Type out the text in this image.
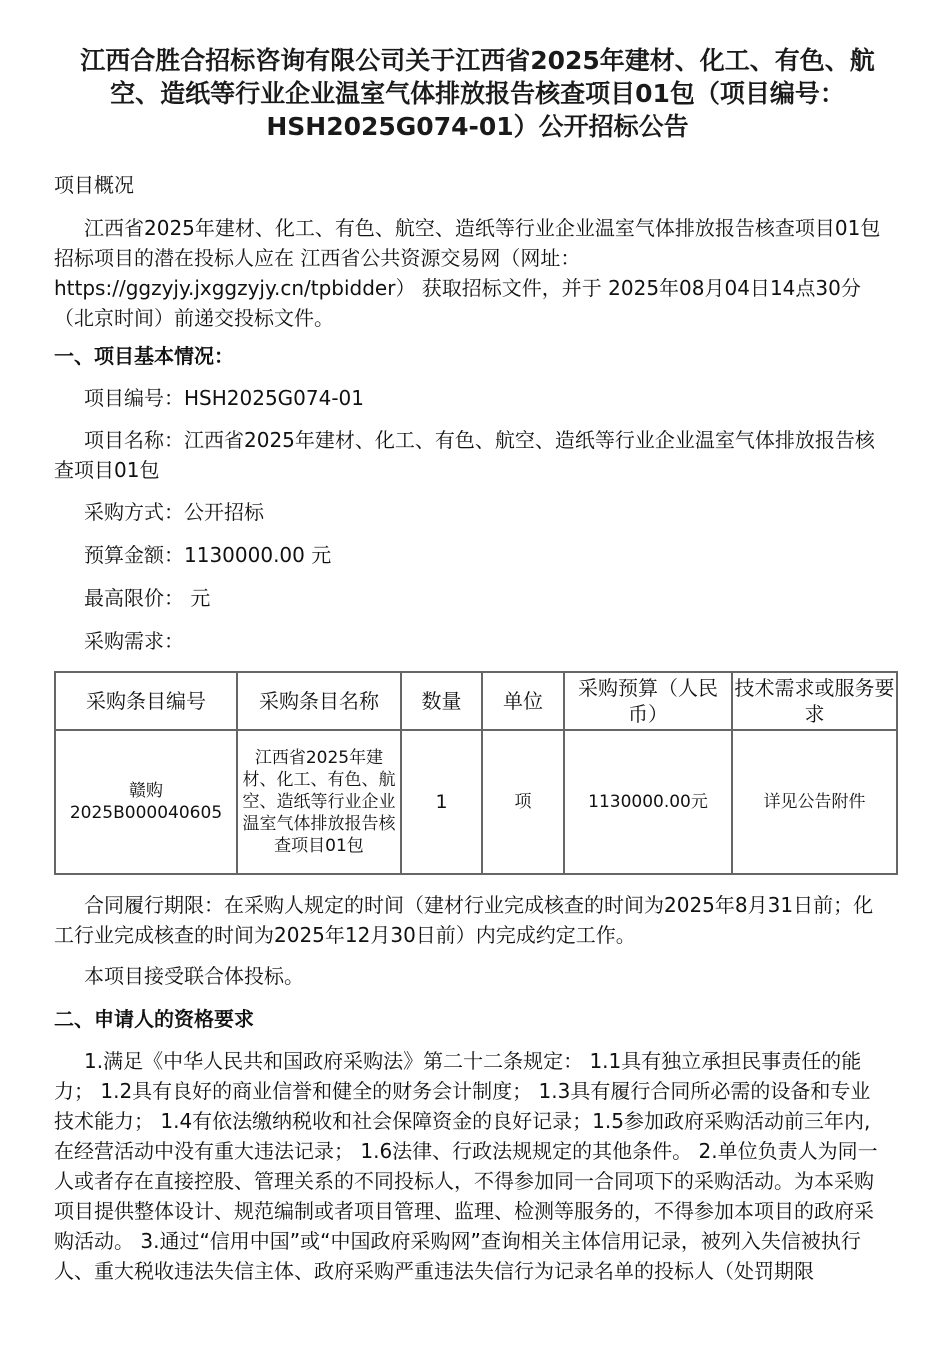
江西合胜合招标咨询有限公司关于江西省2025年建材、化工、有色、航空、造纸等行业企业温室气体排放报告核查项目01包（项目编号：HSH2025G074-01）公开招标公告
项目概况
江西省2025年建材、化工、有色、航空、造纸等行业企业温室气体排放报告核查项目01包 招标项目的潜在投标人应在 江西省公共资源交易网（网址：https://ggzyjy.jxggzyjy.cn/tpbidder） 获取招标文件，并于 2025年08月04日14点30分 （北京时间）前递交投标文件。
一、项目基本情况：
项目编号：HSH2025G074-01
项目名称：江西省2025年建材、化工、有色、航空、造纸等行业企业温室气体排放报告核查项目01包
采购方式：公开招标
预算金额：1130000.00 元
最高限价： 元
采购需求：
采购条目编号	采购条目名称	数量	单位	采购预算（人民币）	技术需求或服务要求
赣购2025B000040605	江西省2025年建材、化工、有色、航空、造纸等行业企业温室气体排放报告核查项目01包	1	项	1130000.00元	详见公告附件
合同履行期限：在采购人规定的时间（建材行业完成核查的时间为2025年8月31日前；化工行业完成核查的时间为2025年12月30日前）内完成约定工作。
本项目接受联合体投标。
二、申请人的资格要求
1.满足《中华人民共和国政府采购法》第二十二条规定： 1.1具有独立承担民事责任的能力； 1.2具有良好的商业信誉和健全的财务会计制度； 1.3具有履行合同所必需的设备和专业技术能力； 1.4有依法缴纳税收和社会保障资金的良好记录；1.5参加政府采购活动前三年内,在经营活动中没有重大违法记录； 1.6法律、行政法规规定的其他条件。 2.单位负责人为同一人或者存在直接控股、管理关系的不同投标人，不得参加同一合同项下的采购活动。为本采购项目提供整体设计、规范编制或者项目管理、监理、检测等服务的，不得参加本项目的政府采购活动。 3.通过“信用中国”或“中国政府采购网”查询相关主体信用记录，被列入失信被执行人、重大税收违法失信主体、政府采购严重违法失信行为记录名单的投标人（处罚期限
